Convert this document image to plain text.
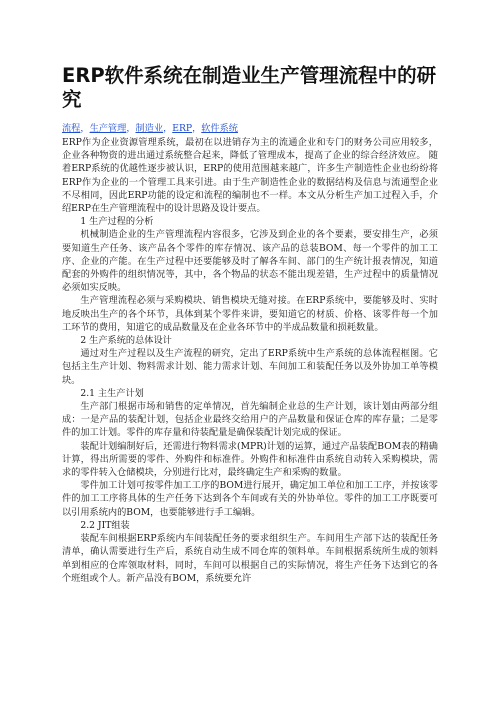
ERP软件系统在制造业生产管理流程中的研究
流程，生产管理，制造业，ERP，软件系统

ERP作为企业资源管理系统，最初在以进销存为主的流通企业和专门的财务公司应用较多，企业各种物资的进出通过系统整合起来，降低了管理成本，提高了企业的综合经济效应。 随着ERP系统的优越性逐步被认识，ERP的使用范围越来越广，许多生产制造性企业也纷纷将ERP作为企业的一个管理工具来引进。由于生产制造性企业的数据结构及信息与流通型企业不尽相同，因此ERP功能的设定和流程的编制也不一样。本文从分析生产加工过程入手，介绍ERP在生产管理流程中的设计思路及设计要点。

1 生产过程的分析

机械制造企业的生产管理流程内容很多，它涉及到企业的各个要素，要安排生产，必须要知道生产任务、该产品各个零件的库存情况、该产品的总装BOM、每一个零件的加工工序、企业的产能。在生产过程中还要能够及时了解各车间、部门的生产统计报表情况，知道配套的外购件的组织情况等，其中，各个物品的状态不能出现差错，生产过程中的质量情况必须如实反映。

生产管理流程必须与采购模块、销售模块无缝对接。在ERP系统中，要能够及时、实时地反映出生产的各个环节，具体到某个零件来讲，要知道它的材质、价格、该零件每一个加工环节的费用，知道它的成品数量及在企业各环节中的半成品数量和损耗数量。

2 生产系统的总体设计

通过对生产过程以及生产流程的研究，定出了ERP系统中生产系统的总体流程框图。它包括主生产计划、物料需求计划、能力需求计划、车间加工和装配任务以及外协加工单等模块。

2.1 主生产计划

生产部门根据市场和销售的定单情况，首先编制企业总的生产计划，该计划由两部分组成：一是产品的装配计划，包括企业最终交给用户的产品数量和保证仓库的库存量；二是零件的加工计划。零件的库存量和待装配量是确保装配计划完成的保证。

装配计划编制好后，还需进行物料需求(MPR)计划的运算，通过产品装配BOM表的精确计算，得出所需要的零件、外购件和标准件。外购件和标准件由系统自动转入采购模块，需求的零件转入仓储模块，分别进行比对，最终确定生产和采购的数量。

零件加工计划可按零件加工工序的BOM进行展开，确定加工单位和加工工序，并按该零件的加工工序将具体的生产任务下达到各个车间或有关的外协单位。零件的加工工序既要可以引用系统内的BOM，也要能够进行手工编辑。

2.2 JIT组装

装配车间根据ERP系统内车间装配任务的要求组织生产。车间用生产部下达的装配任务清单，确认需要进行生产后，系统自动生成不同仓库的领料单。车间根据系统所生成的领料单到相应的仓库领取材料，同时，车间可以根据自己的实际情况，将生产任务下达到它的各个班组或个人。新产品没有BOM，系统要允许
